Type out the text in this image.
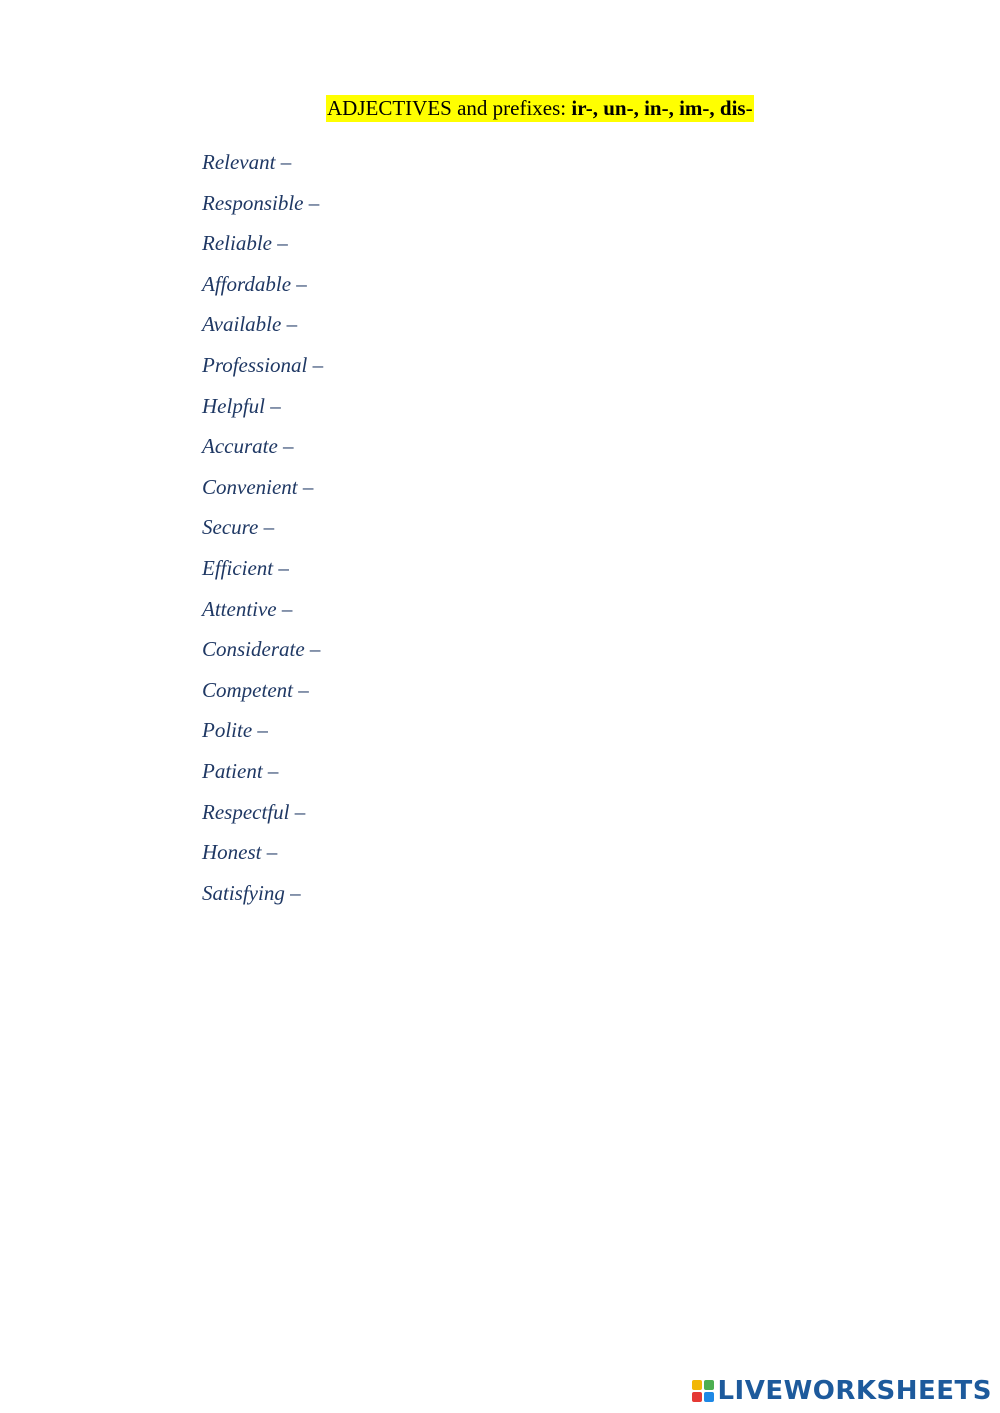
ADJECTIVES and prefixes: ir-, un-, in-, im-, dis-
Relevant –
Responsible –
Reliable –
Affordable –
Available –
Professional –
Helpful –
Accurate –
Convenient –
Secure –
Efficient –
Attentive –
Considerate –
Competent –
Polite –
Patient –
Respectful –
Honest –
Satisfying –
LIVEWORKSHEETS
